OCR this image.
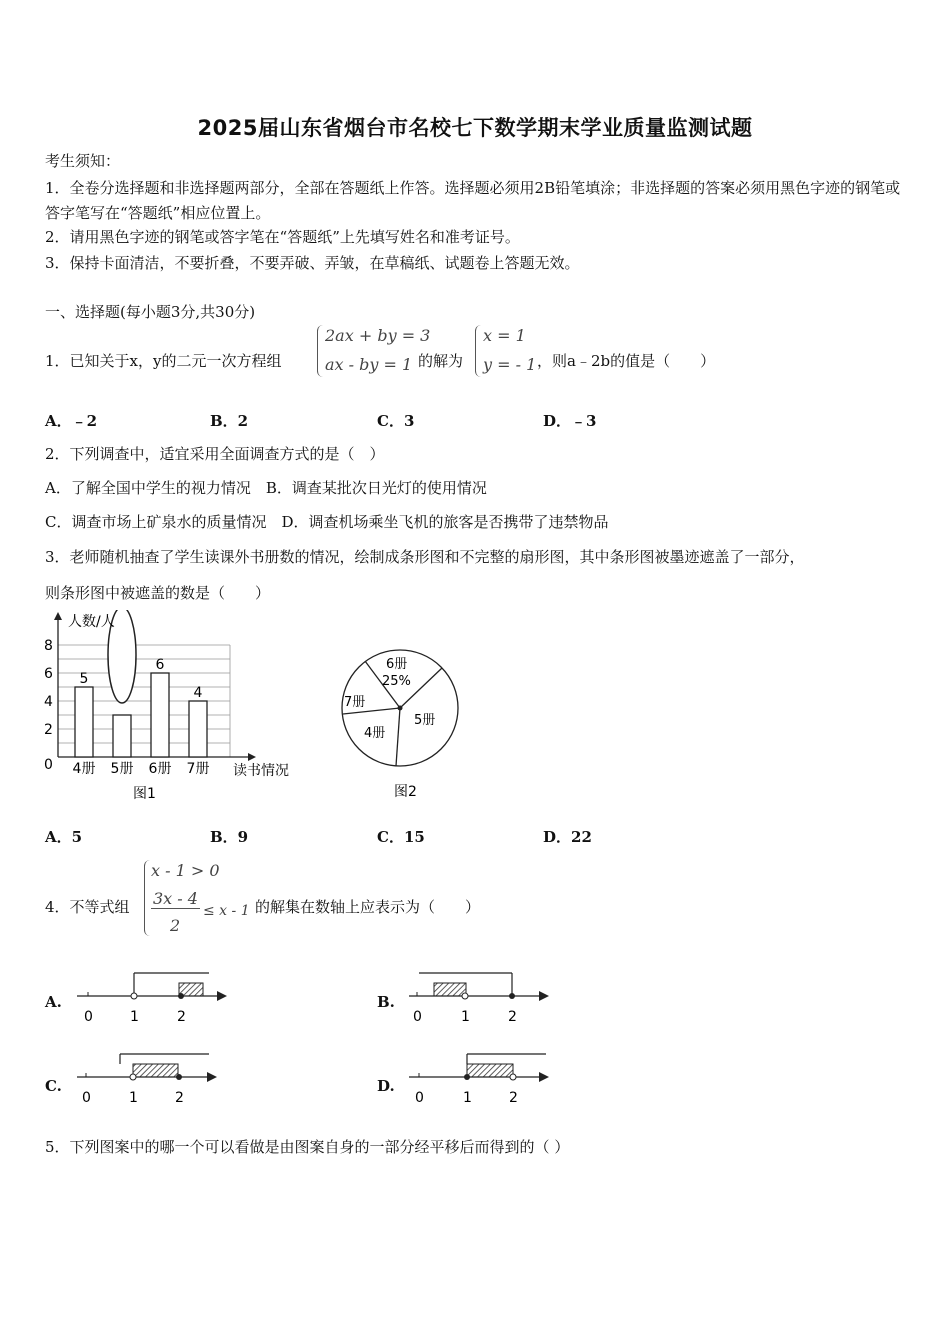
2025届山东省烟台市名校七下数学期末学业质量监测试题
考生须知：
1．全卷分选择题和非选择题两部分，全部在答题纸上作答。选择题必须用2B铅笔填涂；非选择题的答案必须用黑色字迹的钢笔或答字笔写在“答题纸”相应位置上。
2．请用黑色字迹的钢笔或答字笔在“答题纸”上先填写姓名和准考证号。
3．保持卡面清洁，不要折叠，不要弄破、弄皱，在草稿纸、试题卷上答题无效。
一、选择题(每小题3分,共30分)
1．已知关于x，y的二元一次方程组
2ax + by = 3
ax - by = 1 的解为
x = 1
y = - 1 ，则a﹣2b的值是（　　）
A．﹣2	B．2	C．3	D．﹣3
2．下列调查中，适宜采用全面调查方式的是（　）
A．了解全国中学生的视力情况　B．调查某批次日光灯的使用情况
C．调查市场上矿泉水的质量情况　D．调查机场乘坐飞机的旅客是否携带了违禁物品
3．老师随机抽查了学生读课外书册数的情况，绘制成条形图和不完整的扇形图，其中条形图被墨迹遮盖了一部分，
则条形图中被遮盖的数是（　　）
0
2
4
6
8
5
4册 5册
6
6册
4
7册
人数/人
读书情况
图1
6册
25%
7册
4册
5册
图2
A．5	B．9	C．15	D．22
4．不等式组
x - 1 > 0
3x - 4
2
≤ x - 1 的解集在数轴上应表示为（　　）
A.	B.
C.	D.
0	1	2	0	1	2
0	1	2	0	1	2
5．下列图案中的哪一个可以看做是由图案自身的一部分经平移后而得到的（ ）
